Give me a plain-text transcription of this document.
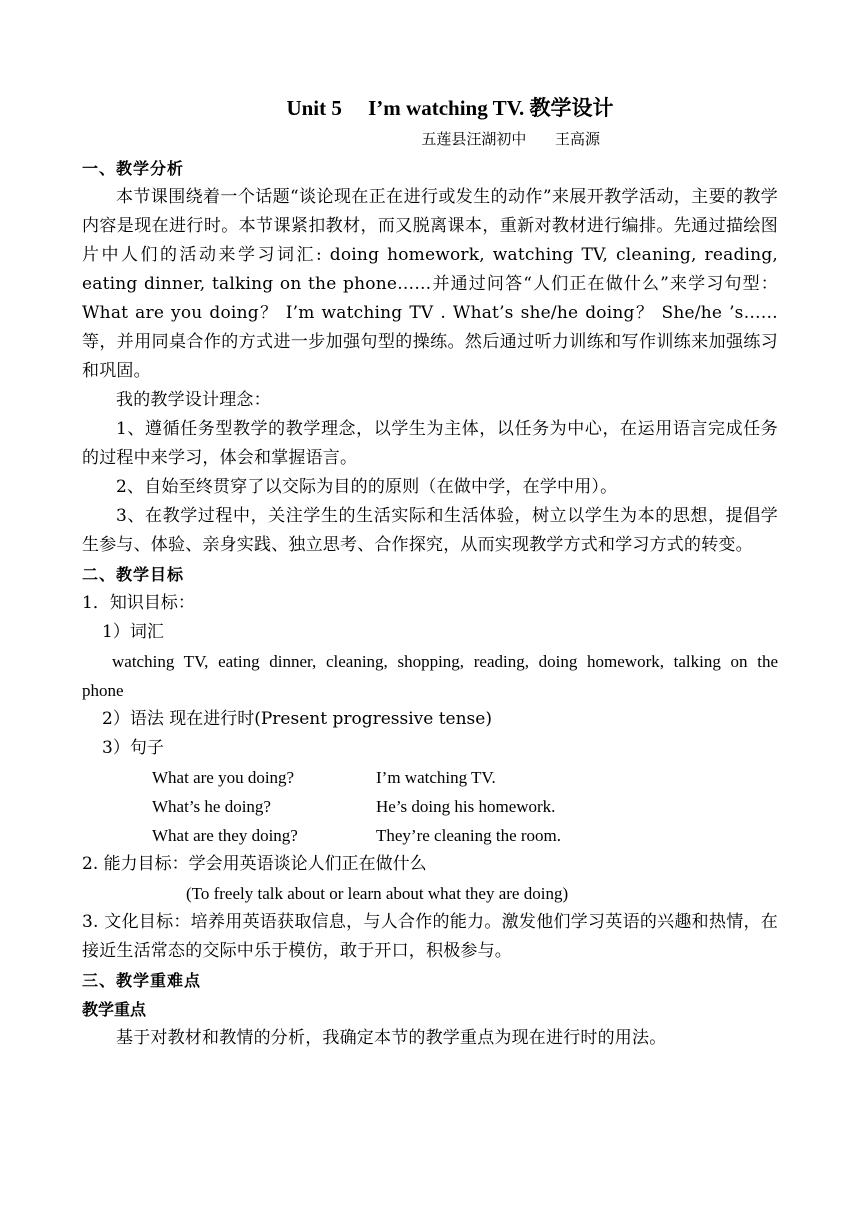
Unit 5     I’m watching TV. 教学设计
五莲县汪湖初中      王高源
一、教学分析

本节课围绕着一个话题“谈论现在正在进行或发生的动作”来展开教学活动，主要的教学内容是现在进行时。本节课紧扣教材，而又脱离课本，重新对教材进行编排。先通过描绘图片中人们的活动来学习词汇: doing homework, watching TV, cleaning, reading, eating dinner, talking on the phone……并通过问答“人们正在做什么”来学习句型：What are you doing？ I’m watching TV . What’s she/he doing？ She/he ’s……等，并用同桌合作的方式进一步加强句型的操练。然后通过听力训练和写作训练来加强练习和巩固。

我的教学设计理念：

1、遵循任务型教学的教学理念，以学生为主体，以任务为中心，在运用语言完成任务的过程中来学习，体会和掌握语言。

2、自始至终贯穿了以交际为目的的原则（在做中学，在学中用）。

3、在教学过程中，关注学生的生活实际和生活体验，树立以学生为本的思想，提倡学生参与、体验、亲身实践、独立思考、合作探究，从而实现教学方式和学习方式的转变。

二、教学目标
1．知识目标：
1）词汇

watching TV, eating dinner, cleaning, shopping, reading, doing homework, talking on the phone

2）语法 现在进行时(Present progressive tense)
3）句子
What are you doing?	I’m watching TV.
What’s he doing?	He’s doing his homework.
What are they doing?	They’re cleaning the room.
2. 能力目标：学会用英语谈论人们正在做什么
(To freely talk about or learn about what they are doing)

3. 文化目标：培养用英语获取信息，与人合作的能力。激发他们学习英语的兴趣和热情，在接近生活常态的交际中乐于模仿，敢于开口，积极参与。

三、教学重难点
教学重点

基于对教材和教情的分析，我确定本节的教学重点为现在进行时的用法。
